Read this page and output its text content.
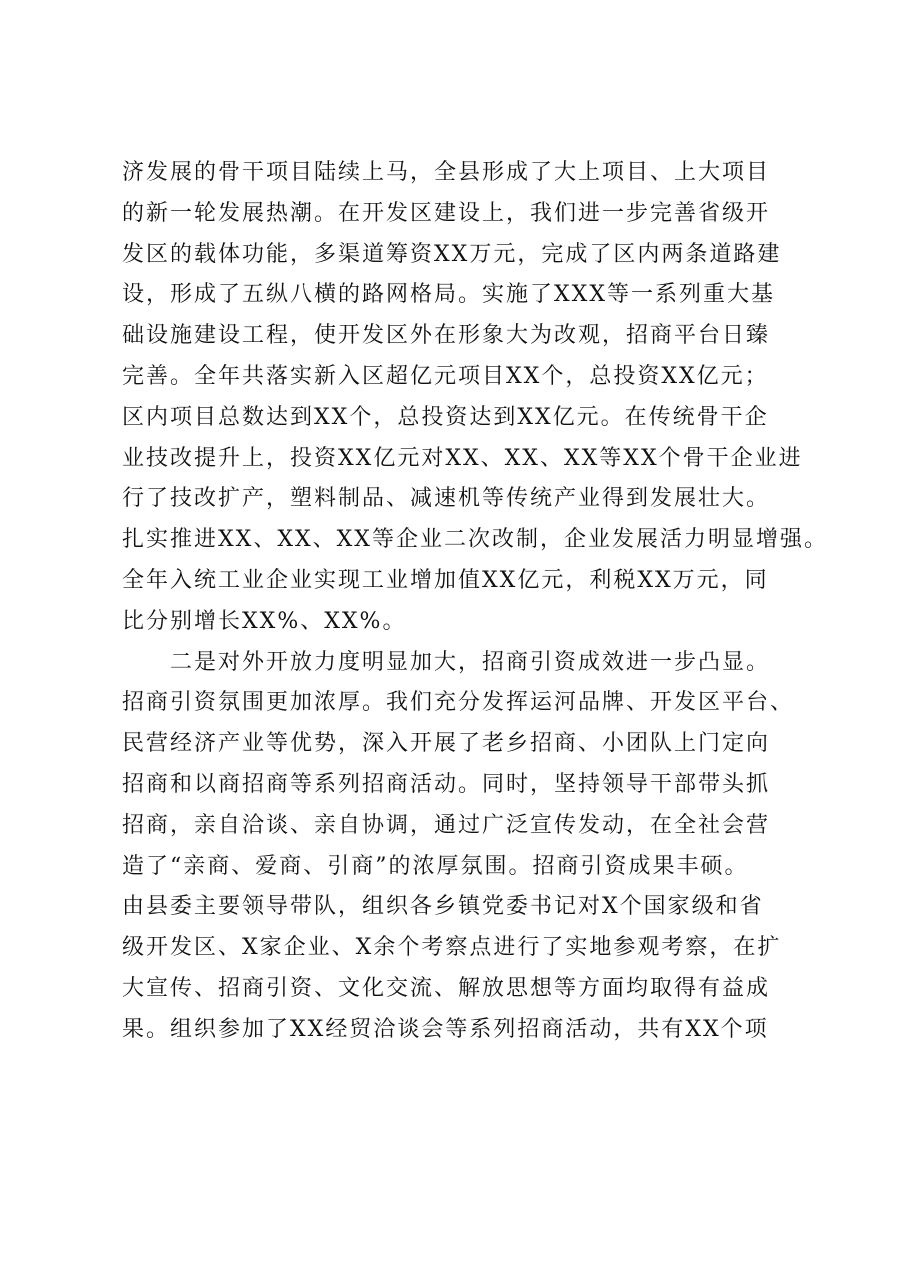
济发展的骨干项目陆续上马，全县形成了大上项目、上大项目
的新一轮发展热潮。在开发区建设上，我们进一步完善省级开
发区的载体功能，多渠道筹资XX万元，完成了区内两条道路建
设，形成了五纵八横的路网格局。实施了XXX等一系列重大基
础设施建设工程，使开发区外在形象大为改观，招商平台日臻
完善。全年共落实新入区超亿元项目XX个，总投资XX亿元；
区内项目总数达到XX个，总投资达到XX亿元。在传统骨干企
业技改提升上，投资XX亿元对XX、XX、XX等XX个骨干企业进
行了技改扩产，塑料制品、减速机等传统产业得到发展壮大。
扎实推进XX、XX、XX等企业二次改制，企业发展活力明显增强。
全年入统工业企业实现工业增加值XX亿元，利税XX万元，同
比分别增长XX%、XX%。
　　二是对外开放力度明显加大，招商引资成效进一步凸显。
招商引资氛围更加浓厚。我们充分发挥运河品牌、开发区平台、
民营经济产业等优势，深入开展了老乡招商、小团队上门定向
招商和以商招商等系列招商活动。同时，坚持领导干部带头抓
招商，亲自洽谈、亲自协调，通过广泛宣传发动，在全社会营
造了“亲商、爱商、引商”的浓厚氛围。招商引资成果丰硕。
由县委主要领导带队，组织各乡镇党委书记对X个国家级和省
级开发区、X家企业、X余个考察点进行了实地参观考察，在扩
大宣传、招商引资、文化交流、解放思想等方面均取得有益成
果。组织参加了XX经贸洽谈会等系列招商活动，共有XX个项
